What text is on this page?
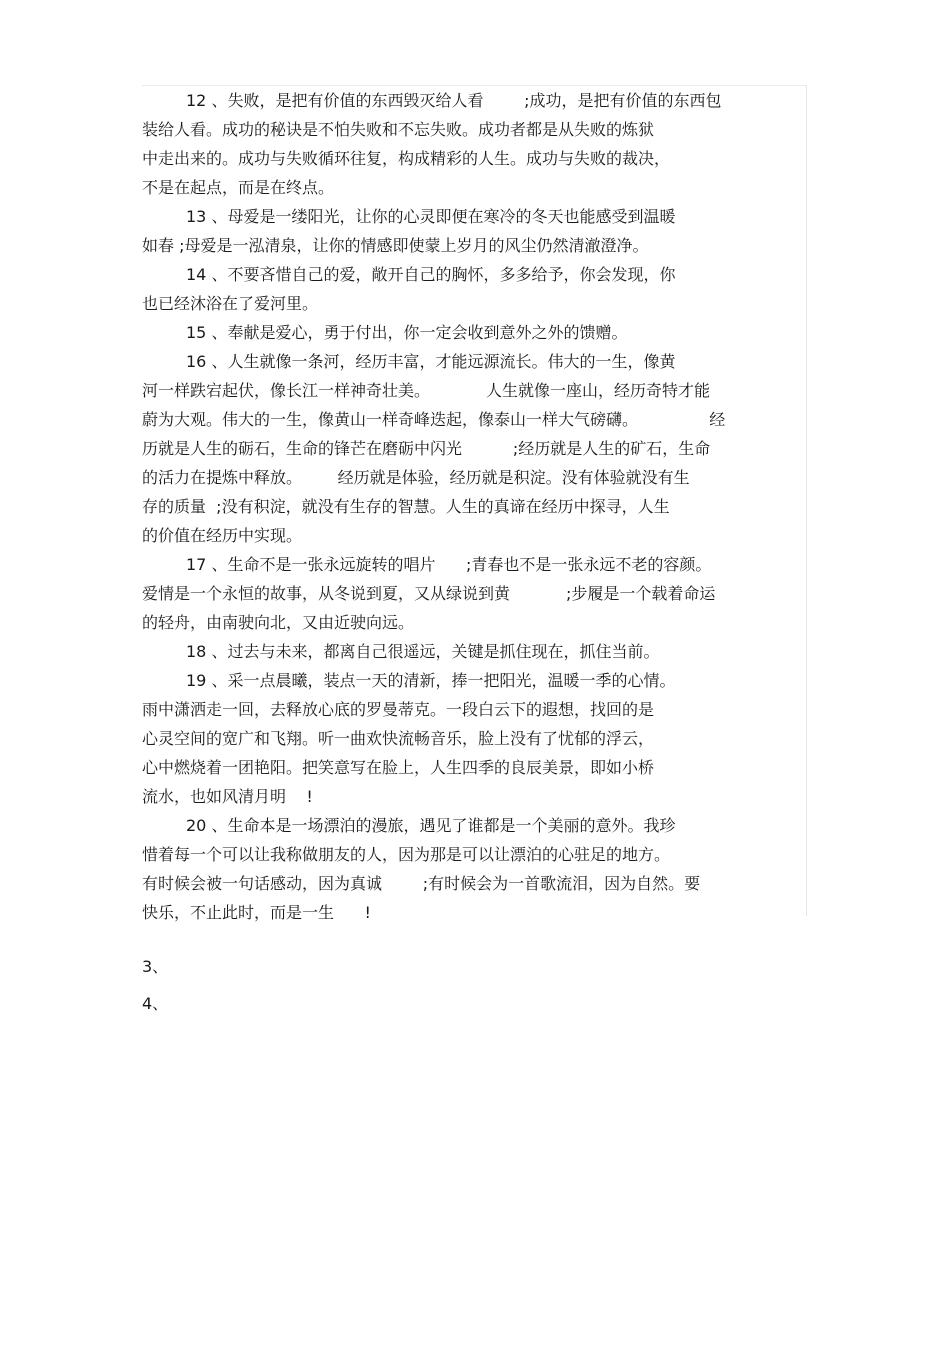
12 、失败，是把有价值的东西毁灭给人看        ;成功，是把有价值的东西包
装给人看。成功的秘诀是不怕失败和不忘失败。成功者都是从失败的炼狱
中走出来的。成功与失败循环往复，构成精彩的人生。成功与失败的裁决，
不是在起点，而是在终点。
13 、母爱是一缕阳光，让你的心灵即便在寒冷的冬天也能感受到温暖
如春 ;母爱是一泓清泉，让你的情感即使蒙上岁月的风尘仍然清澈澄净。
14 、不要吝惜自己的爱，敞开自己的胸怀，多多给予，你会发现，你
也已经沐浴在了爱河里。
15 、奉献是爱心，勇于付出，你一定会收到意外之外的馈赠。
16 、人生就像一条河，经历丰富，才能远源流长。伟大的一生，像黄
河一样跌宕起伏，像长江一样神奇壮美。           人生就像一座山，经历奇特才能
蔚为大观。伟大的一生，像黄山一样奇峰迭起，像泰山一样大气磅礴。              经
历就是人生的砺石，生命的锋芒在磨砺中闪光          ;经历就是人生的矿石，生命
的活力在提炼中释放。       经历就是体验，经历就是积淀。没有体验就没有生
存的质量  ;没有积淀，就没有生存的智慧。人生的真谛在经历中探寻，人生
的价值在经历中实现。
17 、生命不是一张永远旋转的唱片      ;青春也不是一张永远不老的容颜。
爱情是一个永恒的故事，从冬说到夏，又从绿说到黄           ;步履是一个载着命运
的轻舟，由南驶向北，又由近驶向远。
18 、过去与未来，都离自己很遥远，关键是抓住现在，抓住当前。
19 、采一点晨曦，装点一天的清新，捧一把阳光，温暖一季的心情。
雨中潇洒走一回，去释放心底的罗曼蒂克。一段白云下的遐想，找回的是
心灵空间的宽广和飞翔。听一曲欢快流畅音乐，脸上没有了忧郁的浮云，
心中燃烧着一团艳阳。把笑意写在脸上，人生四季的良辰美景，即如小桥
流水，也如风清月明    !
20 、生命本是一场漂泊的漫旅，遇见了谁都是一个美丽的意外。我珍
惜着每一个可以让我称做朋友的人，因为那是可以让漂泊的心驻足的地方。
有时候会被一句话感动，因为真诚        ;有时候会为一首歌流泪，因为自然。要
快乐，不止此时，而是一生      !
3、
4、
